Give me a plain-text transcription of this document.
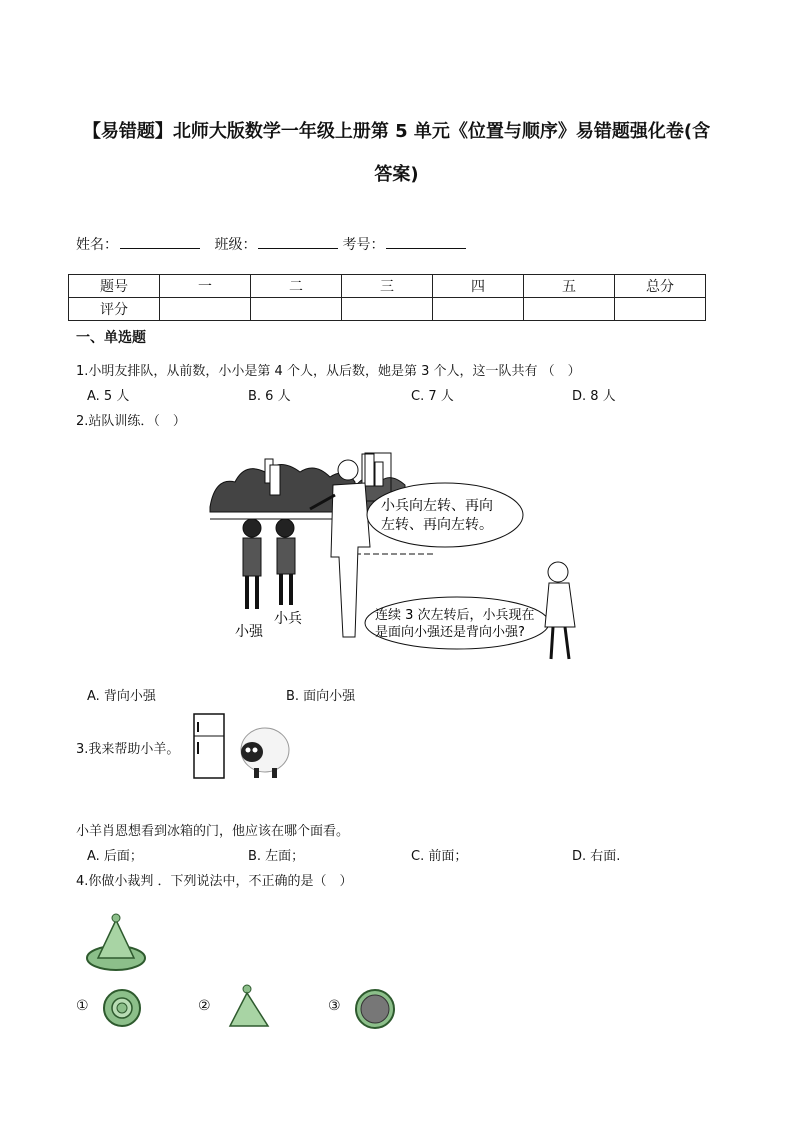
【易错题】北师大版数学一年级上册第 5 单元《位置与顺序》易错题强化卷(含
答案)
姓名：	班级：	考号：
题号	一	二	三	四	五	总分
评分						
一、单选题
1.小明友排队，从前数，小小是第 4 个人，从后数，她是第 3 个人，这一队共有 （　）
A. 5 人	B. 6 人	C. 7 人	D. 8 人
2.站队训练．（　）
小强
小兵
小兵向左转、再向
左转、再向左转。
连续 3 次左转后，小兵现在
是面向小强还是背向小强?
A. 背向小强	B. 面向小强
3.我来帮助小羊。
小羊肖恩想看到冰箱的门，他应该在哪个面看。
A. 后面；	B. 左面；	C. 前面；	D. 右面.
4.你做小裁判 ．下列说法中，不正确的是（　）
①	②	③
